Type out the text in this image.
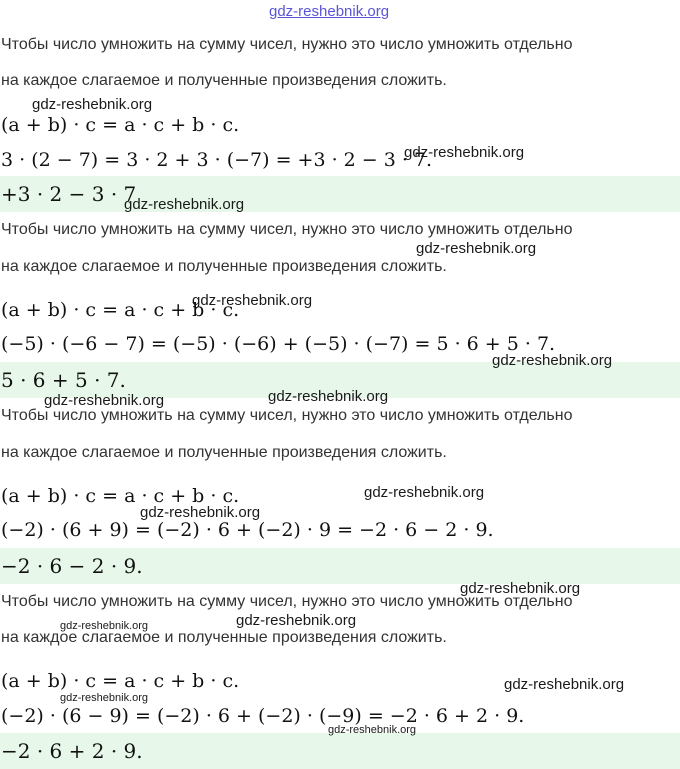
gdz-reshebnik.org
Чтобы число умножить на сумму чисел, нужно это число умножить отдельно
на каждое слагаемое и полученные произведения сложить.
gdz-reshebnik.org
(a + b) · c = a · c + b · c.
3 · (2 − 7) = 3 · 2 + 3 · (−7) = +3 · 2 − 3 · 7.
gdz-reshebnik.org
+3 · 2 − 3 · 7
gdz-reshebnik.org
Чтобы число умножить на сумму чисел, нужно это число умножить отдельно
gdz-reshebnik.org
на каждое слагаемое и полученные произведения сложить.
gdz-reshebnik.org
(a + b) · c = a · c + b · c.
(−5) · (−6 − 7) = (−5) · (−6) + (−5) · (−7) = 5 · 6 + 5 · 7.
gdz-reshebnik.org
5 · 6 + 5 · 7.
gdz-reshebnik.org	gdz-reshebnik.org
Чтобы число умножить на сумму чисел, нужно это число умножить отдельно
на каждое слагаемое и полученные произведения сложить.
(a + b) · c = a · c + b · c.	gdz-reshebnik.org
gdz-reshebnik.org
(−2) · (6 + 9) = (−2) · 6 + (−2) · 9 = −2 · 6 − 2 · 9.
−2 · 6 − 2 · 9.
gdz-reshebnik.org
Чтобы число умножить на сумму чисел, нужно это число умножить отдельно
gdz-reshebnik.org
gdz-reshebnik.org
на каждое слагаемое и полученные произведения сложить.
(a + b) · c = a · c + b · c.	gdz-reshebnik.org
gdz-reshebnik.org
(−2) · (6 − 9) = (−2) · 6 + (−2) · (−9) = −2 · 6 + 2 · 9.
gdz-reshebnik.org
−2 · 6 + 2 · 9.
